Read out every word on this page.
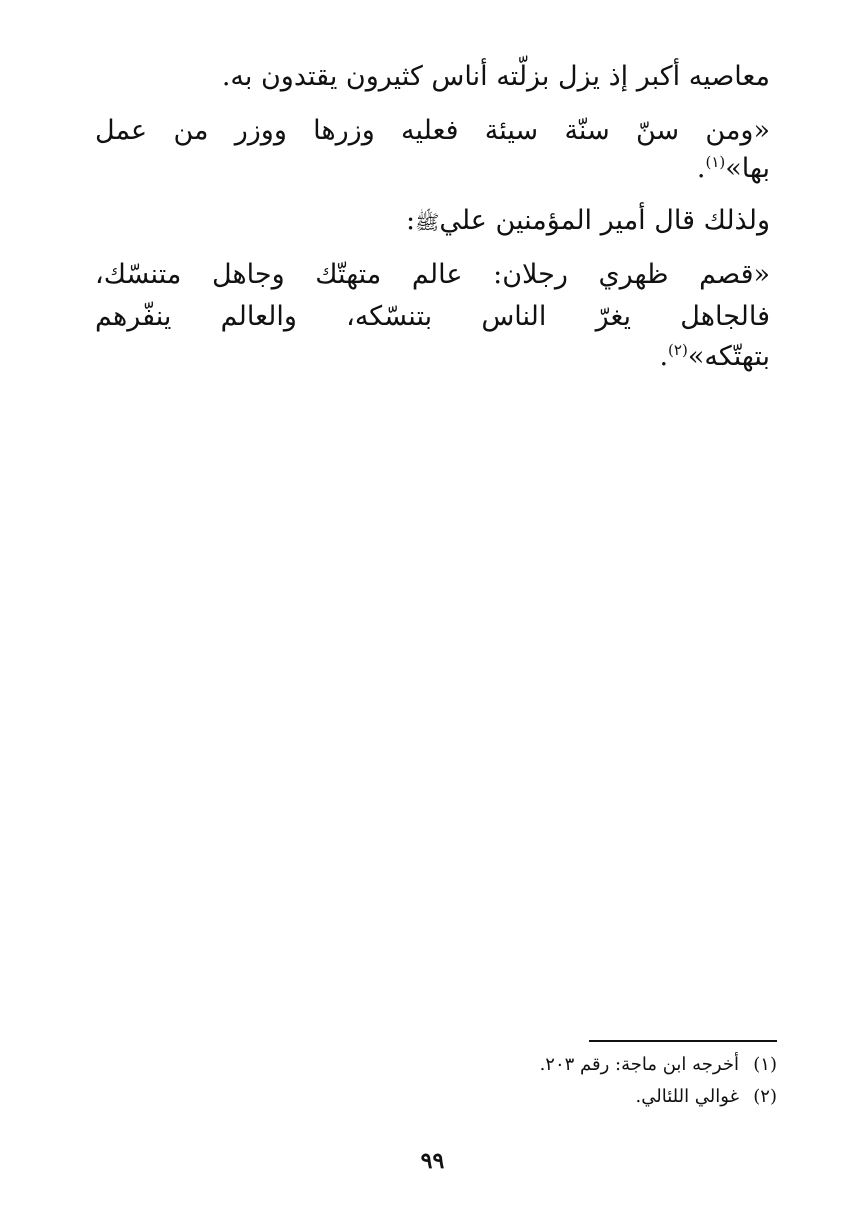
معاصيه أكبر إذ يزل بزلّته أناس كثيرون يقتدون به.
«ومن سنّ سنّة سيئة فعليه وزرها ووزر من عمل
بها»$^{(١)}$.
ولذلك قال أمير المؤمنين عليﷺ:
«قصم ظهري رجلان: عالم متهتّك وجاهل متنسّك،
فالجاهل يغرّ الناس بتنسّكه، والعالم ينفّرهم
بتهتّكه»$^{(٢)}$.
(١)أخرجه ابن ماجة: رقم ٢٠٣.
(٢)غوالي اللئالي.
٩٩
